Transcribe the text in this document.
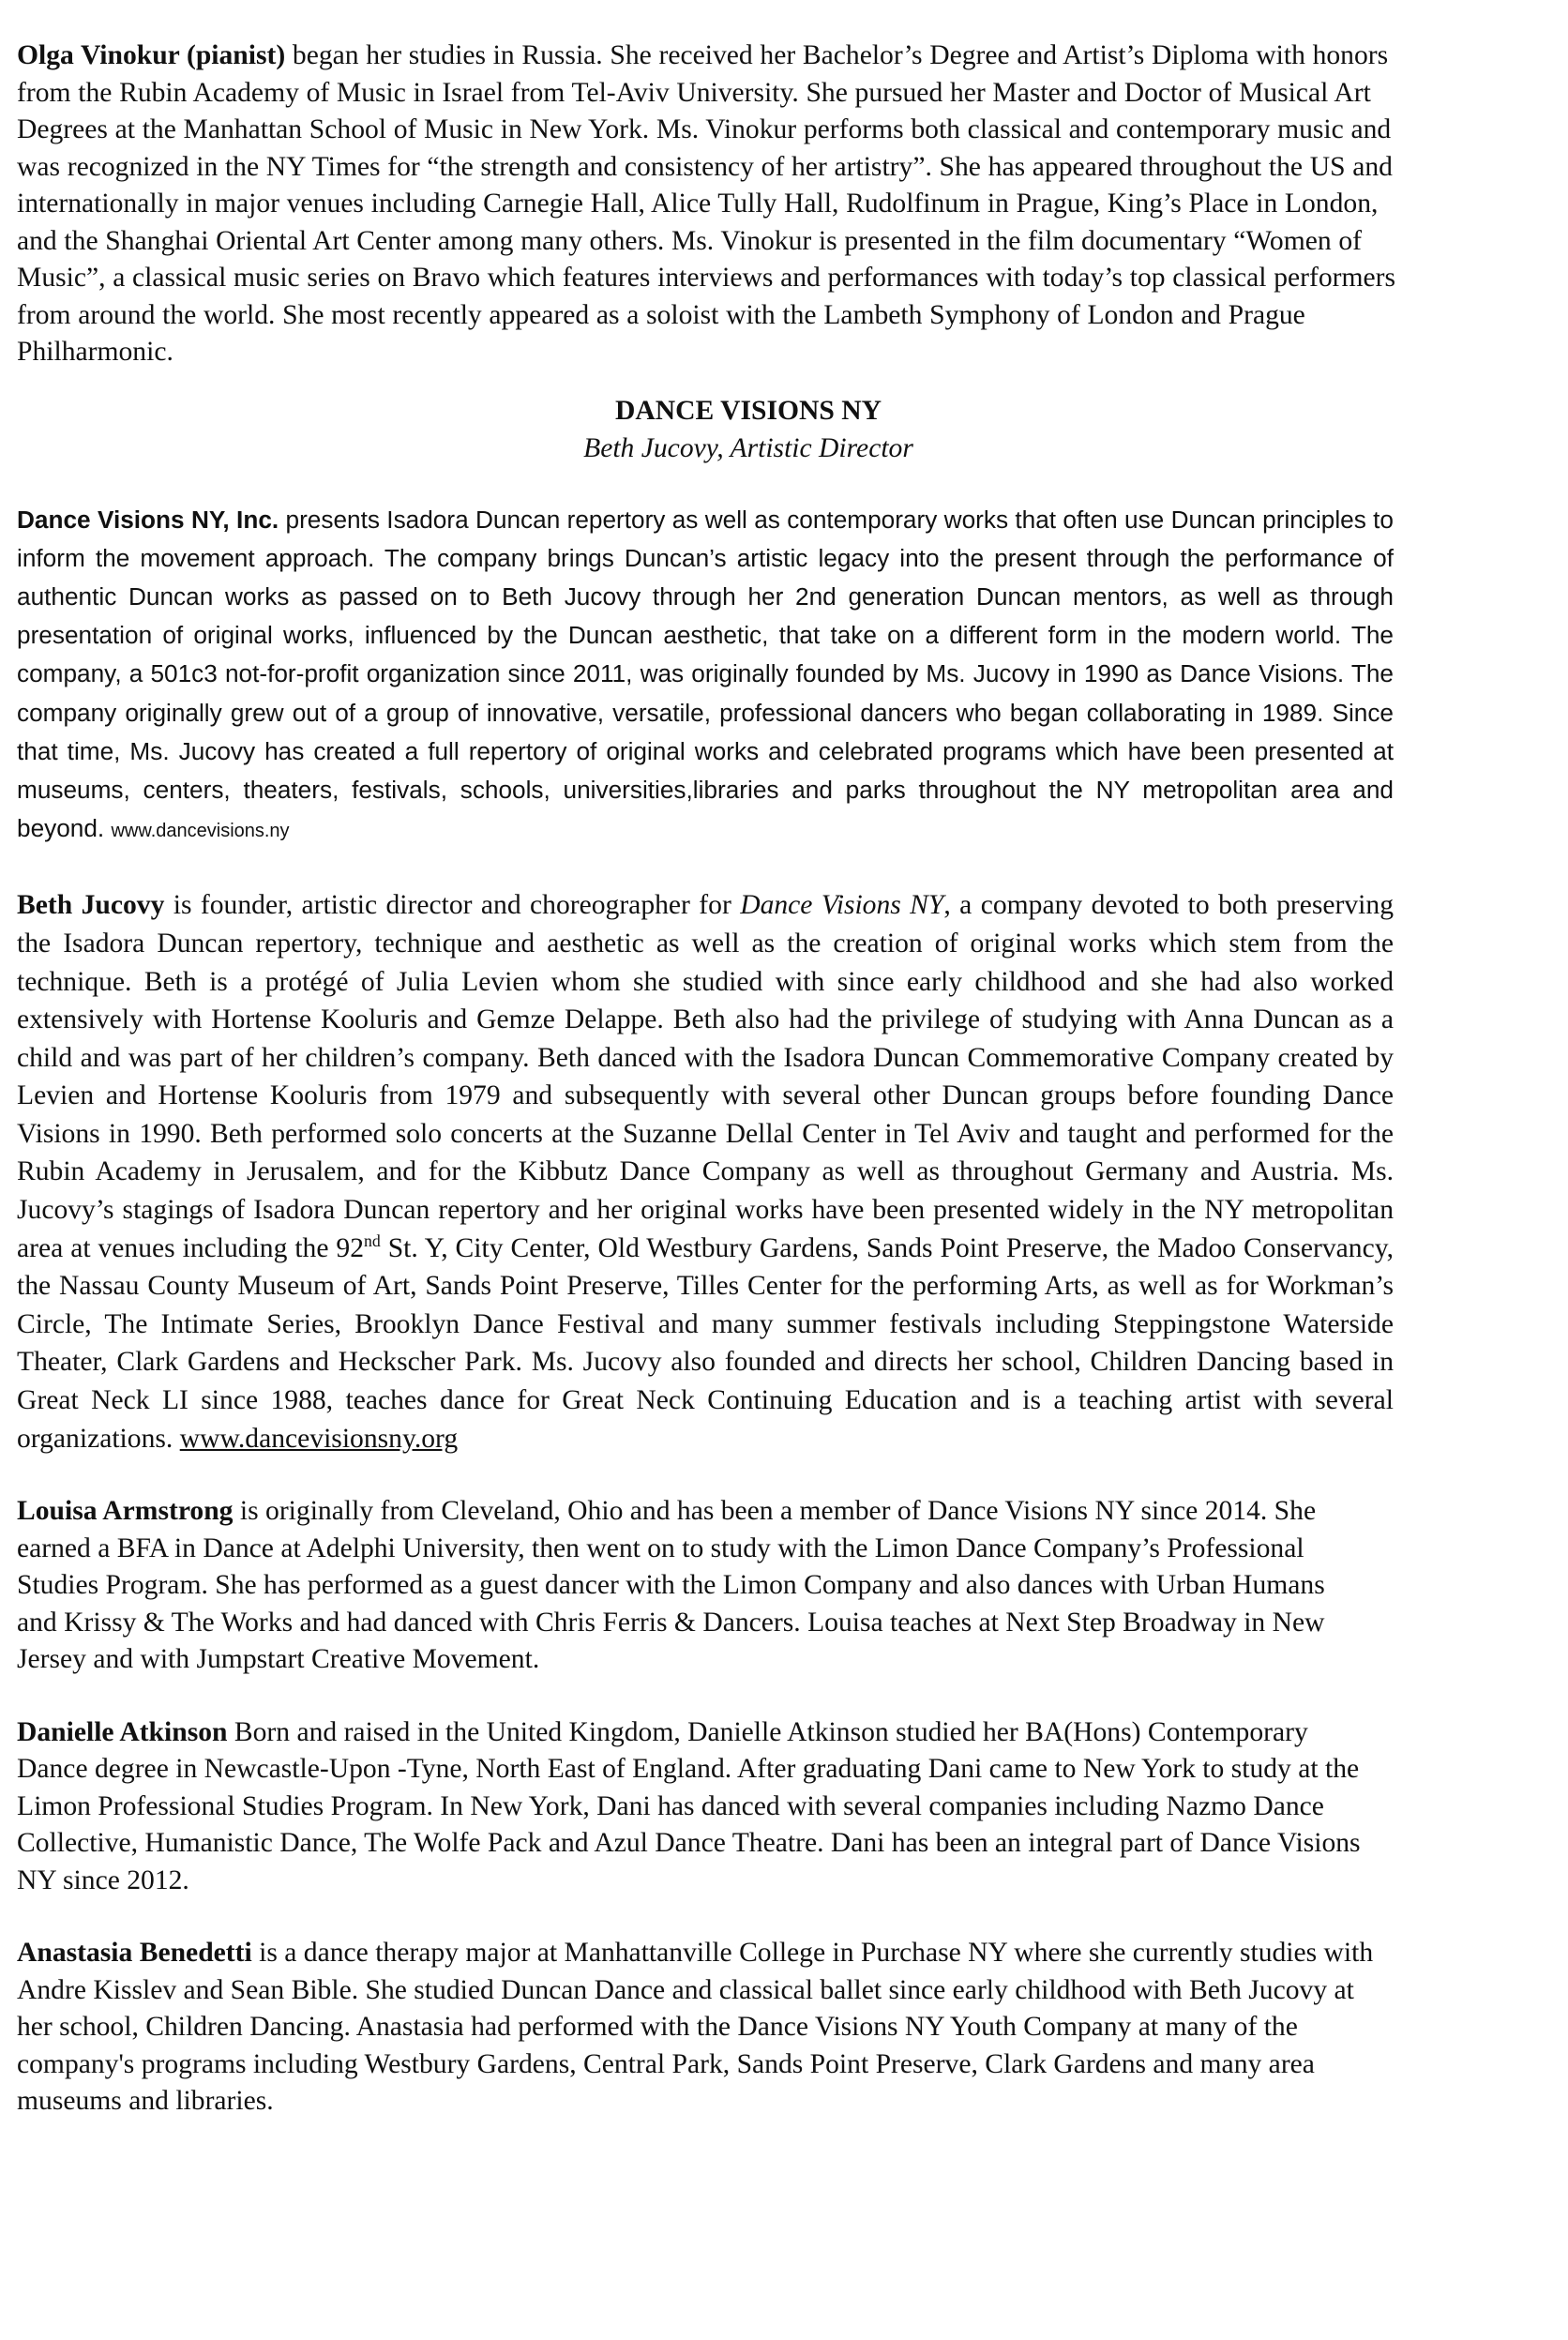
Olga Vinokur (pianist) began her studies in Russia. She received her Bachelor’s Degree and Artist’s Diploma with honors from the Rubin Academy of Music in Israel from Tel-Aviv University. She pursued her Master and Doctor of Musical Art Degrees at the Manhattan School of Music in New York. Ms. Vinokur performs both classical and contemporary music and was recognized in the NY Times for “the strength and consistency of her artistry”. She has appeared throughout the US and internationally in major venues including Carnegie Hall, Alice Tully Hall, Rudolfinum in Prague, King’s Place in London, and the Shanghai Oriental Art Center among many others. Ms. Vinokur is presented in the film documentary “Women of Music”, a classical music series on Bravo which features interviews and performances with today’s top classical performers from around the world. She most recently appeared as a soloist with the Lambeth Symphony of London and Prague Philharmonic.

DANCE VISIONS NY

Beth Jucovy, Artistic Director

Dance Visions NY, Inc. presents Isadora Duncan repertory as well as contemporary works that often use Duncan principles to inform the movement approach. The company brings Duncan’s artistic legacy into the present through the performance of authentic Duncan works as passed on to Beth Jucovy through her 2nd generation Duncan mentors, as well as through presentation of original works, influenced by the Duncan aesthetic, that take on a different form in the modern world. The company, a 501c3 not-for-profit organization since 2011, was originally founded by Ms. Jucovy in 1990 as Dance Visions. The company originally grew out of a group of innovative, versatile, professional dancers who began collaborating in 1989. Since that time, Ms. Jucovy has created a full repertory of original works and celebrated programs which have been presented at museums, centers, theaters, festivals, schools, universities,libraries and parks throughout the NY metropolitan area and beyond. www.dancevisions.ny

Beth Jucovy is founder, artistic director and choreographer for Dance Visions NY, a company devoted to both preserving the Isadora Duncan repertory, technique and aesthetic as well as the creation of original works which stem from the technique. Beth is a protégé of Julia Levien whom she studied with since early childhood and she had also worked extensively with Hortense Kooluris and Gemze Delappe. Beth also had the privilege of studying with Anna Duncan as a child and was part of her children’s company. Beth danced with the Isadora Duncan Commemorative Company created by Levien and Hortense Kooluris from 1979 and subsequently with several other Duncan groups before founding Dance Visions in 1990. Beth performed solo concerts at the Suzanne Dellal Center in Tel Aviv and taught and performed for the Rubin Academy in Jerusalem, and for the Kibbutz Dance Company as well as throughout Germany and Austria. Ms. Jucovy’s stagings of Isadora Duncan repertory and her original works have been presented widely in the NY metropolitan area at venues including the 92nd St. Y, City Center, Old Westbury Gardens, Sands Point Preserve, the Madoo Conservancy, the Nassau County Museum of Art, Sands Point Preserve, Tilles Center for the performing Arts, as well as for Workman’s Circle, The Intimate Series, Brooklyn Dance Festival and many summer festivals including Steppingstone Waterside Theater, Clark Gardens and Heckscher Park. Ms. Jucovy also founded and directs her school, Children Dancing based in Great Neck LI since 1988, teaches dance for Great Neck Continuing Education and is a teaching artist with several organizations. www.dancevisionsny.org

Louisa Armstrong is originally from Cleveland, Ohio and has been a member of Dance Visions NY since 2014. She earned a BFA in Dance at Adelphi University, then went on to study with the Limon Dance Company’s Professional Studies Program. She has performed as a guest dancer with the Limon Company and also dances with Urban Humans and Krissy & The Works and had danced with Chris Ferris & Dancers. Louisa teaches at Next Step Broadway in New Jersey and with Jumpstart Creative Movement.

Danielle Atkinson Born and raised in the United Kingdom, Danielle Atkinson studied her BA(Hons) Contemporary Dance degree in Newcastle-Upon -Tyne, North East of England. After graduating Dani came to New York to study at the Limon Professional Studies Program. In New York, Dani has danced with several companies including Nazmo Dance Collective, Humanistic Dance, The Wolfe Pack and Azul Dance Theatre. Dani has been an integral part of Dance Visions NY since 2012.

Anastasia Benedetti is a dance therapy major at Manhattanville College in Purchase NY where she currently studies with Andre Kisslev and Sean Bible. She studied Duncan Dance and classical ballet since early childhood with Beth Jucovy at her school, Children Dancing. Anastasia had performed with the Dance Visions NY Youth Company at many of the company's programs including Westbury Gardens, Central Park, Sands Point Preserve, Clark Gardens and many area museums and libraries.
